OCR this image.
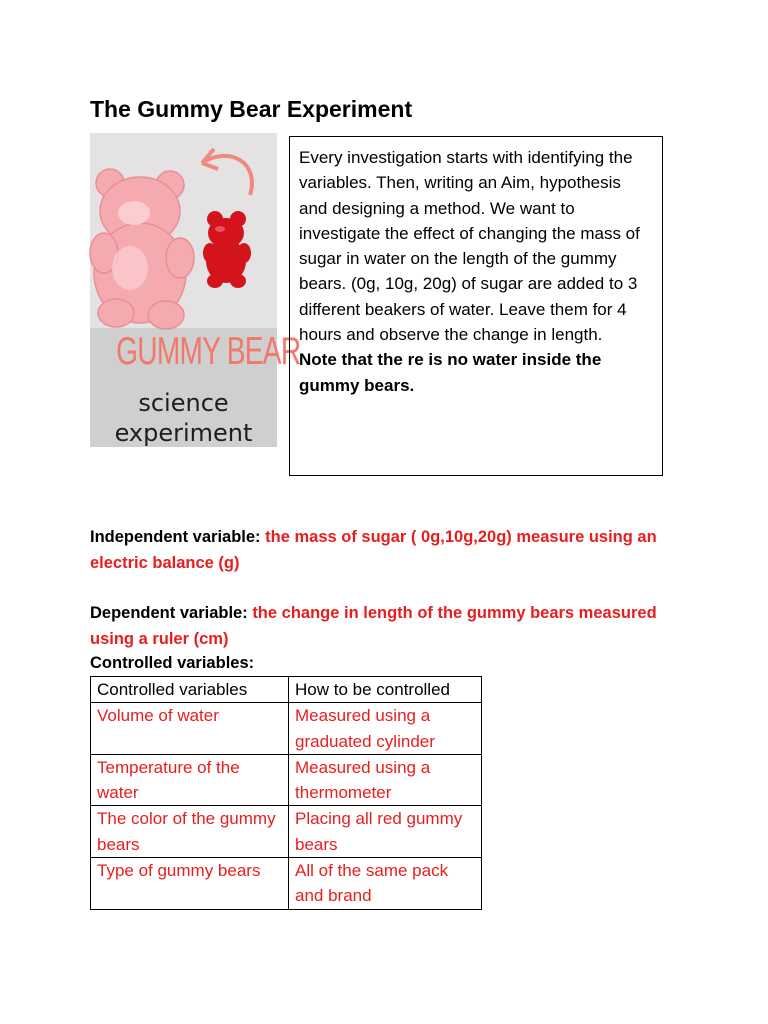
The Gummy Bear Experiment
GUMMY BEAR
science
experiment

Every investigation starts with identifying the variables. Then, writing an Aim, hypothesis and designing a method. We want to investigate the effect of changing the mass of sugar in water on the length of the gummy bears. (0g, 10g, 20g) of sugar are added to 3 different beakers of water. Leave them for 4 hours and observe the change in length.

Note that the re is no water inside the gummy bears.

Independent variable: the mass of sugar ( 0g,10g,20g) measure using an electric balance (g)

Dependent variable: the change in length of the gummy bears measured using a ruler (cm)

Controlled variables:

Controlled variables	How to be controlled
Volume of water	Measured using a graduated cylinder
Temperature of the water	Measured using a thermometer
The color of the gummy bears	Placing all red gummy bears
Type of gummy bears	All of the same pack and brand
